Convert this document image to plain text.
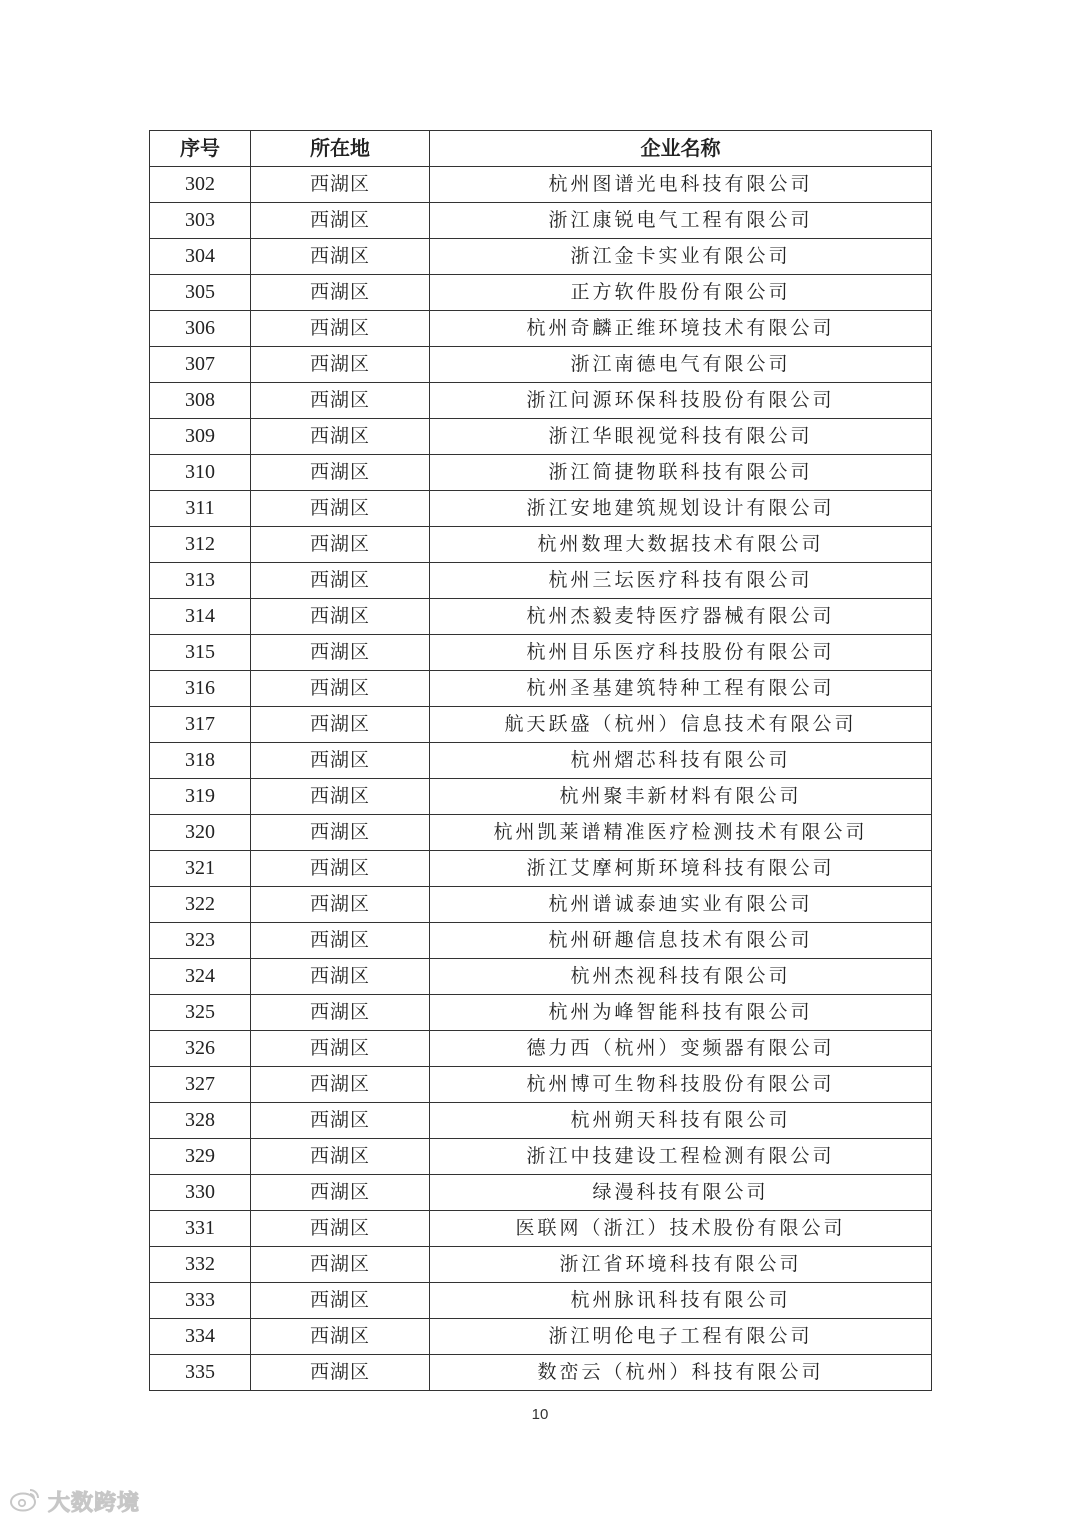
序号	所在地	企业名称
302	西湖区	杭州图谱光电科技有限公司
303	西湖区	浙江康锐电气工程有限公司
304	西湖区	浙江金卡实业有限公司
305	西湖区	正方软件股份有限公司
306	西湖区	杭州奇麟正维环境技术有限公司
307	西湖区	浙江南德电气有限公司
308	西湖区	浙江问源环保科技股份有限公司
309	西湖区	浙江华眼视觉科技有限公司
310	西湖区	浙江简捷物联科技有限公司
311	西湖区	浙江安地建筑规划设计有限公司
312	西湖区	杭州数理大数据技术有限公司
313	西湖区	杭州三坛医疗科技有限公司
314	西湖区	杭州杰毅麦特医疗器械有限公司
315	西湖区	杭州目乐医疗科技股份有限公司
316	西湖区	杭州圣基建筑特种工程有限公司
317	西湖区	航天跃盛（杭州）信息技术有限公司
318	西湖区	杭州熠芯科技有限公司
319	西湖区	杭州聚丰新材料有限公司
320	西湖区	杭州凯莱谱精准医疗检测技术有限公司
321	西湖区	浙江艾摩柯斯环境科技有限公司
322	西湖区	杭州谱诚泰迪实业有限公司
323	西湖区	杭州研趣信息技术有限公司
324	西湖区	杭州杰视科技有限公司
325	西湖区	杭州为峰智能科技有限公司
326	西湖区	德力西（杭州）变频器有限公司
327	西湖区	杭州博可生物科技股份有限公司
328	西湖区	杭州朔天科技有限公司
329	西湖区	浙江中技建设工程检测有限公司
330	西湖区	绿漫科技有限公司
331	西湖区	医联网（浙江）技术股份有限公司
332	西湖区	浙江省环境科技有限公司
333	西湖区	杭州脉讯科技有限公司
334	西湖区	浙江明伦电子工程有限公司
335	西湖区	数峦云（杭州）科技有限公司
10
大数跨境
